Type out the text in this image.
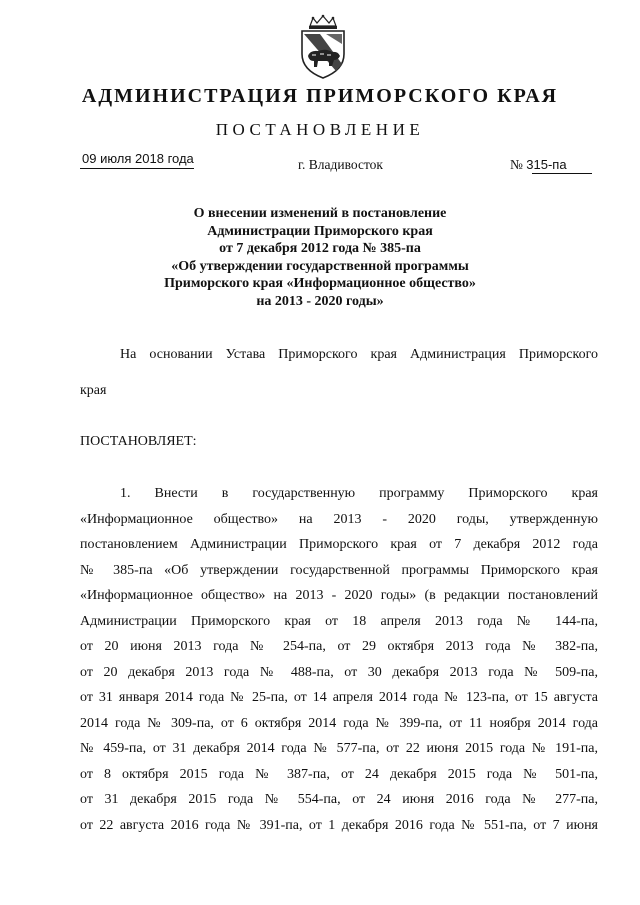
АДМИНИСТРАЦИЯ ПРИМОРСКОГО КРАЯ
ПОСТАНОВЛЕНИЕ
09 июля 2018 года	г. Владивосток	№ 315-па
О внесении изменений в постановление
Администрации Приморского края
от 7 декабря 2012 года № 385-па
«Об утверждении государственной программы
Приморского края «Информационное общество»
на 2013 - 2020 годы»
На основании Устава Приморского края Администрация Приморского
края
ПОСТАНОВЛЯЕТ:
1. Внести в государственную программу Приморского края
«Информационное общество» на 2013 - 2020 годы, утвержденную
постановлением Администрации Приморского края от 7 декабря 2012 года
№ 385-па «Об утверждении государственной программы Приморского края
«Информационное общество» на 2013 - 2020 годы» (в редакции постановлений
Администрации Приморского края от 18 апреля 2013 года № 144-па,
от 20 июня 2013 года № 254-па, от 29 октября 2013 года № 382-па,
от 20 декабря 2013 года № 488-па, от 30 декабря 2013 года № 509-па,
от 31 января 2014 года № 25-па, от 14 апреля 2014 года № 123-па, от 15 августа
2014 года № 309-па, от 6 октября 2014 года № 399-па, от 11 ноября 2014 года
№ 459-па, от 31 декабря 2014 года № 577-па, от 22 июня 2015 года № 191-па,
от 8 октября 2015 года № 387-па, от 24 декабря 2015 года № 501-па,
от 31 декабря 2015 года № 554-па, от 24 июня 2016 года № 277-па,
от 22 августа 2016 года № 391-па, от 1 декабря 2016 года № 551-па, от 7 июня
